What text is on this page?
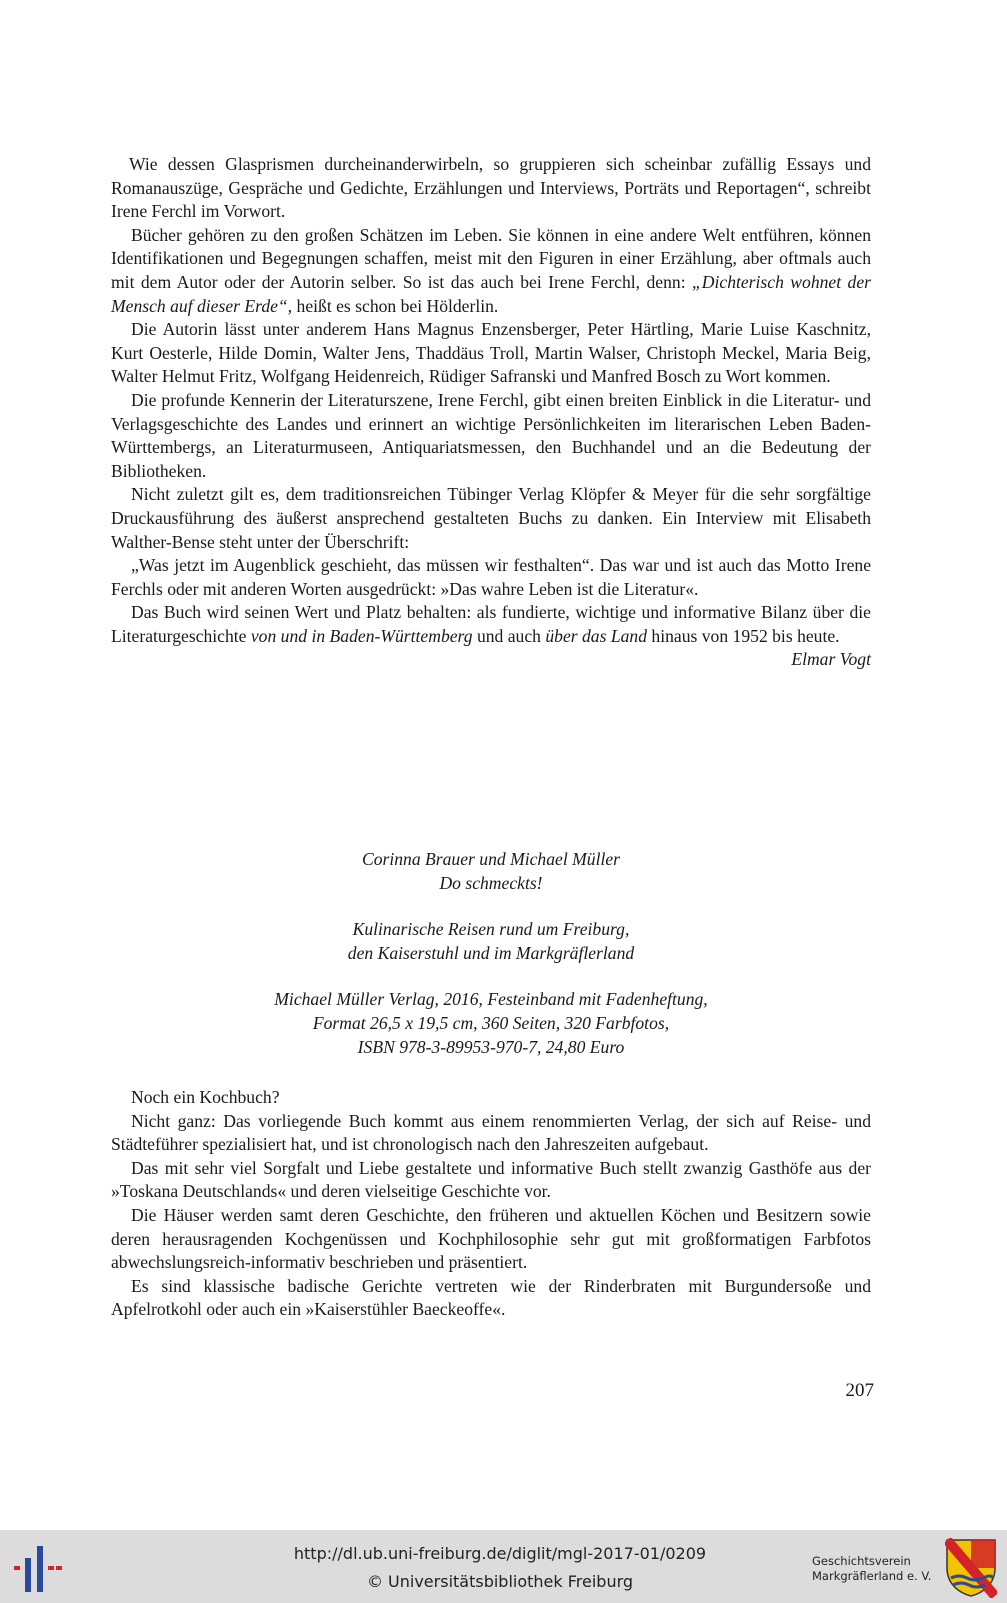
Wie dessen Glasprismen durcheinanderwirbeln, so gruppieren sich scheinbar zufällig Essays und Romanauszüge, Gespräche und Gedichte, Erzählungen und Interviews, Porträts und Reportagen“, schreibt Irene Ferchl im Vorwort.

Bücher gehören zu den großen Schätzen im Leben. Sie können in eine andere Welt entführen, können Identifikationen und Begegnungen schaffen, meist mit den Figuren in einer Erzählung, aber oftmals auch mit dem Autor oder der Autorin selber. So ist das auch bei Irene Ferchl, denn: „Dichterisch wohnet der Mensch auf dieser Erde“, heißt es schon bei Hölderlin.

Die Autorin lässt unter anderem Hans Magnus Enzensberger, Peter Härtling, Marie Luise Kaschnitz, Kurt Oesterle, Hilde Domin, Walter Jens, Thaddäus Troll, Martin Walser, Christoph Meckel, Maria Beig, Walter Helmut Fritz, Wolfgang Heidenreich, Rüdiger Safranski und Manfred Bosch zu Wort kommen.

Die profunde Kennerin der Literaturszene, Irene Ferchl, gibt einen breiten Einblick in die Literatur- und Verlagsgeschichte des Landes und erinnert an wichtige Persönlichkeiten im literarischen Leben Baden-Württembergs, an Literaturmuseen, Antiquariatsmessen, den Buchhandel und an die Bedeutung der Bibliotheken.

Nicht zuletzt gilt es, dem traditionsreichen Tübinger Verlag Klöpfer & Meyer für die sehr sorgfältige Druckausführung des äußerst ansprechend gestalteten Buchs zu danken. Ein Interview mit Elisabeth Walther-Bense steht unter der Überschrift:

„Was jetzt im Augenblick geschieht, das müssen wir festhalten“. Das war und ist auch das Motto Irene Ferchls oder mit anderen Worten ausgedrückt: »Das wahre Leben ist die Literatur«.

Das Buch wird seinen Wert und Platz behalten: als fundierte, wichtige und informative Bilanz über die Literaturgeschichte von und in Baden-Württemberg und auch über das Land hinaus von 1952 bis heute.

Elmar Vogt

Corinna Brauer und Michael Müller
Do schmeckts!
Kulinarische Reisen rund um Freiburg,
den Kaiserstuhl und im Markgräflerland
Michael Müller Verlag, 2016, Festeinband mit Fadenheftung,
Format 26,5 x 19,5 cm, 360 Seiten, 320 Farbfotos,
ISBN 978-3-89953-970-7, 24,80 Euro

Noch ein Kochbuch?

Nicht ganz: Das vorliegende Buch kommt aus einem renommierten Verlag, der sich auf Reise- und Städteführer spezialisiert hat, und ist chronologisch nach den Jahreszeiten aufgebaut.

Das mit sehr viel Sorgfalt und Liebe gestaltete und informative Buch stellt zwanzig Gasthöfe aus der »Toskana Deutschlands« und deren vielseitige Geschichte vor.

Die Häuser werden samt deren Geschichte, den früheren und aktuellen Köchen und Besitzern sowie deren herausragenden Kochgenüssen und Kochphilosophie sehr gut mit großformatigen Farbfotos abwechslungsreich-informativ beschrieben und präsentiert.

Es sind klassische badische Gerichte vertreten wie der Rinderbraten mit Burgundersoße und Apfelrotkohl oder auch ein »Kaiserstühler Baeckeoffe«.

207
http://dl.ub.uni-freiburg.de/diglit/mgl-2017-01/0209
© Universitätsbibliothek Freiburg
Geschichtsverein
Markgräflerland e. V.
